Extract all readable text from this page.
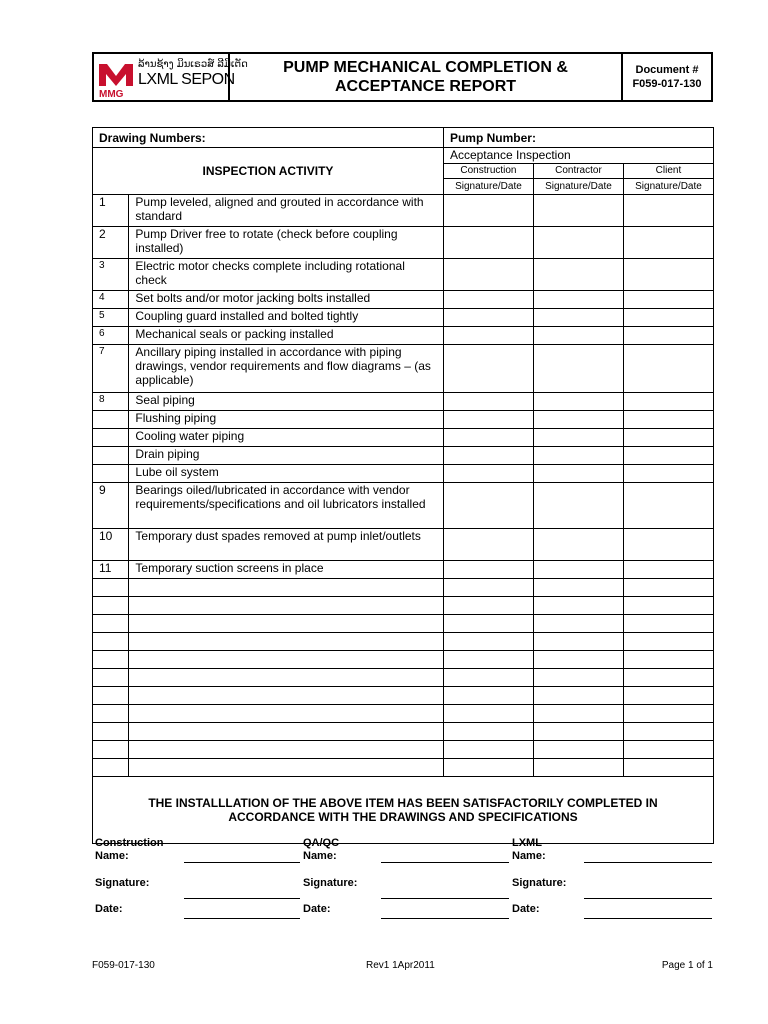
MMG
ລ້ານຊ້າງ ມິນເຣວສ໌ ລີມິເຕັດ
LXML SEPON
PUMP MECHANICAL COMPLETION &
ACCEPTANCE REPORT
Document #
F059-017-130
Drawing Numbers:		Pump Number:		
INSPECTION ACTIVITY		Acceptance Inspection		
		Construction	Contractor	Client
		Signature/Date	Signature/Date	Signature/Date
1	Pump leveled, aligned and grouted in accordance with standard			
2	Pump Driver free to rotate (check before coupling installed)			
3	Electric motor checks complete including rotational check			
4	Set bolts and/or motor jacking bolts installed			
5	Coupling guard installed and bolted tightly			
6	Mechanical seals or packing installed			
7	Ancillary piping installed in accordance with piping drawings, vendor requirements and flow diagrams – (as applicable)			
8	Seal piping			
	Flushing piping			
	Cooling water piping			
	Drain piping			
	Lube oil system			
9	Bearings oiled/lubricated in accordance with vendor requirements/specifications and oil lubricators installed			
10	Temporary dust spades removed at pump inlet/outlets			
11	Temporary suction screens in place			

THE INSTALLLATION OF THE ABOVE ITEM HAS BEEN SATISFACTORILY COMPLETED IN
ACCORDANCE WITH THE DRAWINGS AND SPECIFICATIONS				
Construction
Name:
Signature:
Date:
QA/QC
Name:
Signature:
Date:
LXML
Name:
Signature:
Date:
F059-017-130	Rev1 1Apr2011	Page 1 of 1
